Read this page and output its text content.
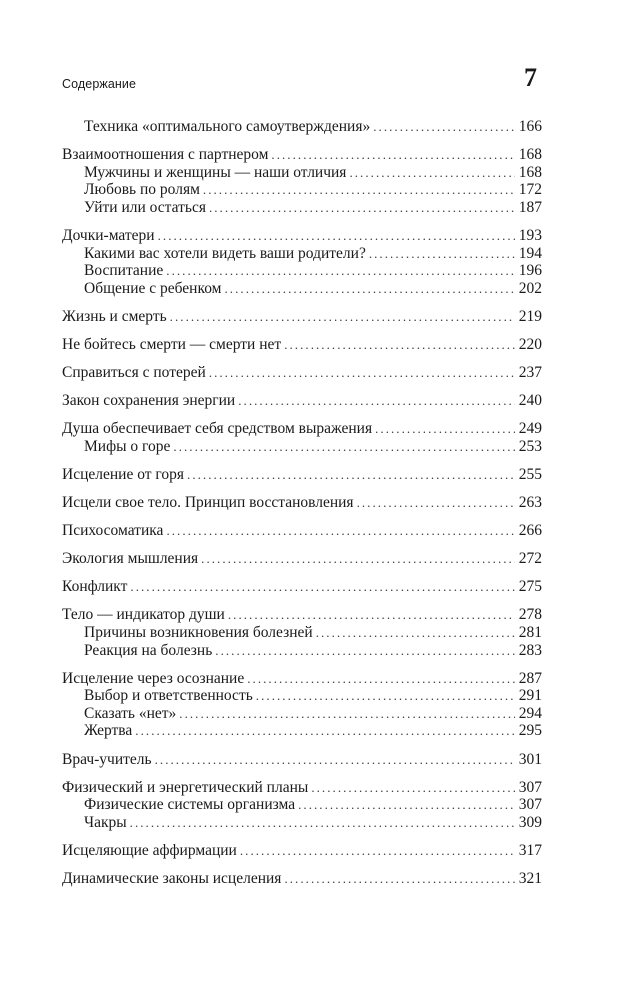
Содержание	7
Техника «оптимального самоутверждения» . . .	166
Взаимоотношения с партнером . . .	168
Мужчины и женщины — наши отличия . . .	168
Любовь по ролям . . .	172
Уйти или остаться . . .	187
Дочки-матери . . .	193
Какими вас хотели видеть ваши родители? . . .	194
Воспитание . . .	196
Общение с ребенком . . .	202
Жизнь и смерть . . .	219
Не бойтесь смерти — смерти нет . . .	220
Справиться с потерей . . .	237
Закон сохранения энергии . . .	240
Душа обеспечивает себя средством выражения . . .	249
Мифы о горе . . .	253
Исцеление от горя . . .	255
Исцели свое тело. Принцип восстановления . . .	263
Психосоматика . . .	266
Экология мышления . . .	272
Конфликт . . .	275
Тело — индикатор души . . .	278
Причины возникновения болезней . . .	281
Реакция на болезнь . . .	283
Исцеление через осознание . . .	287
Выбор и ответственность . . .	291
Сказать «нет» . . .	294
Жертва . . .	295
Врач-учитель . . .	301
Физический и энергетический планы . . .	307
Физические системы организма . . .	307
Чакры . . .	309
Исцеляющие аффирмации . . .	317
Динамические законы исцеления . . .	321
